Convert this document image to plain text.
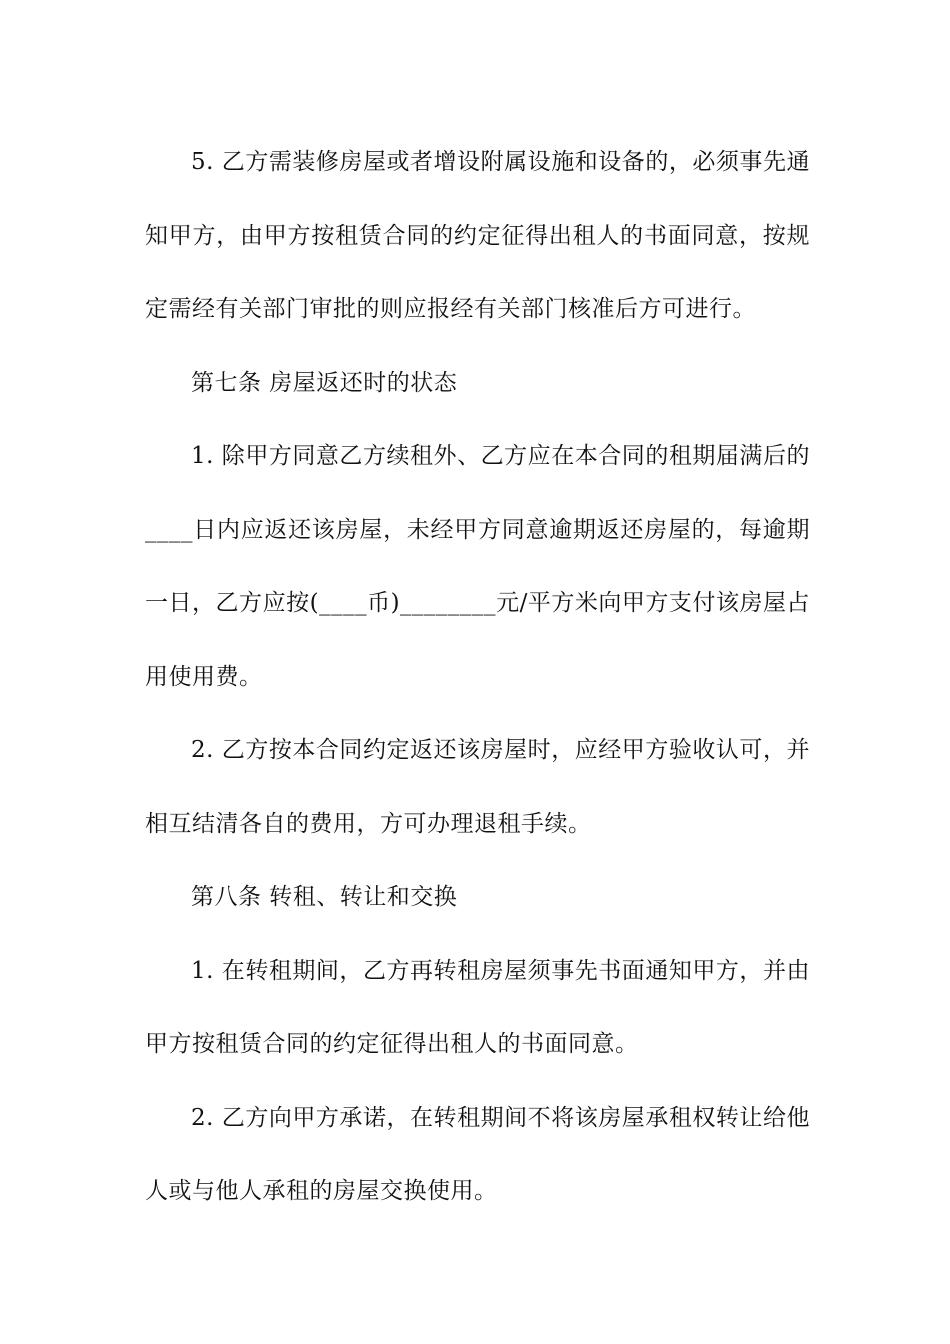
5. 乙方需装修房屋或者增设附属设施和设备的，必须事先通知甲方，由甲方按租赁合同的约定征得出租人的书面同意，按规定需经有关部门审批的则应报经有关部门核准后方可进行。

第七条 房屋返还时的状态

1. 除甲方同意乙方续租外、乙方应在本合同的租期届满后的____日内应返还该房屋，未经甲方同意逾期返还房屋的，每逾期一日，乙方应按(____币)________元/平方米向甲方支付该房屋占用使用费。

2. 乙方按本合同约定返还该房屋时，应经甲方验收认可，并相互结清各自的费用，方可办理退租手续。

第八条 转租、转让和交换

1. 在转租期间，乙方再转租房屋须事先书面通知甲方，并由甲方按租赁合同的约定征得出租人的书面同意。

2. 乙方向甲方承诺，在转租期间不将该房屋承租权转让给他人或与他人承租的房屋交换使用。
